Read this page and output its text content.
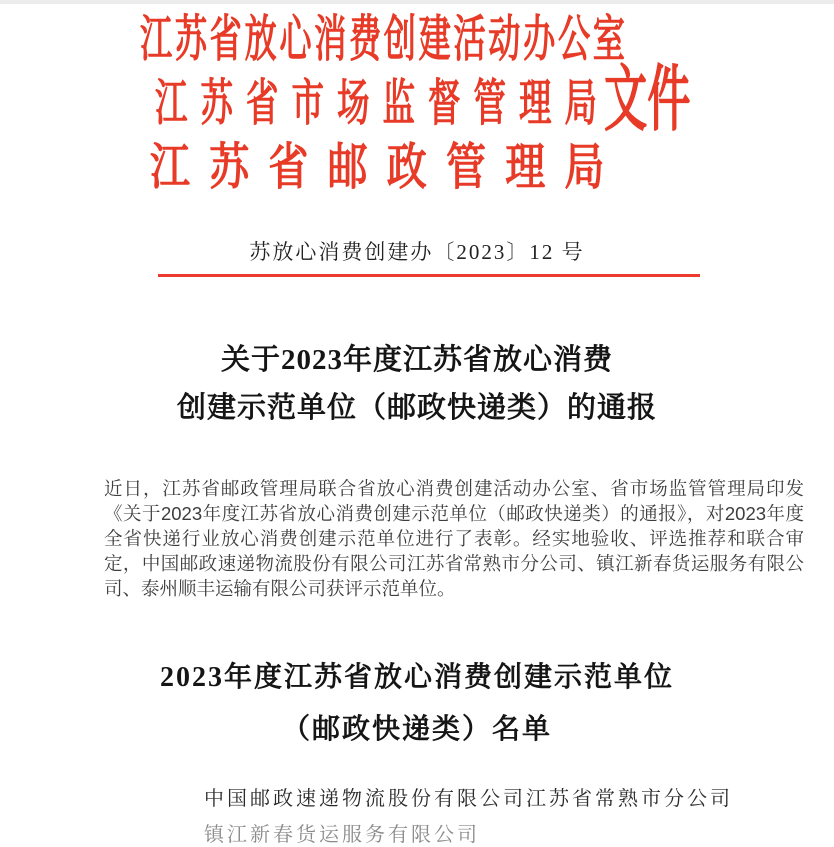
江苏省放心消费创建活动办公室
江苏省市场监督管理局
文件
江苏省邮政管理局
苏放心消费创建办〔2023〕12 号
关于2023年度江苏省放心消费
创建示范单位（邮政快递类）的通报
近日，江苏省邮政管理局联合省放心消费创建活动办公室、省市场监管管理局印发《关于2023年度江苏省放心消费创建示范单位（邮政快递类）的通报》，对2023年度全省快递行业放心消费创建示范单位进行了表彰。经实地验收、评选推荐和联合审定，中国邮政速递物流股份有限公司江苏省常熟市分公司、镇江新春货运服务有限公司、泰州顺丰运输有限公司获评示范单位。
2023年度江苏省放心消费创建示范单位
（邮政快递类）名单
中国邮政速递物流股份有限公司江苏省常熟市分公司
镇江新春货运服务有限公司
